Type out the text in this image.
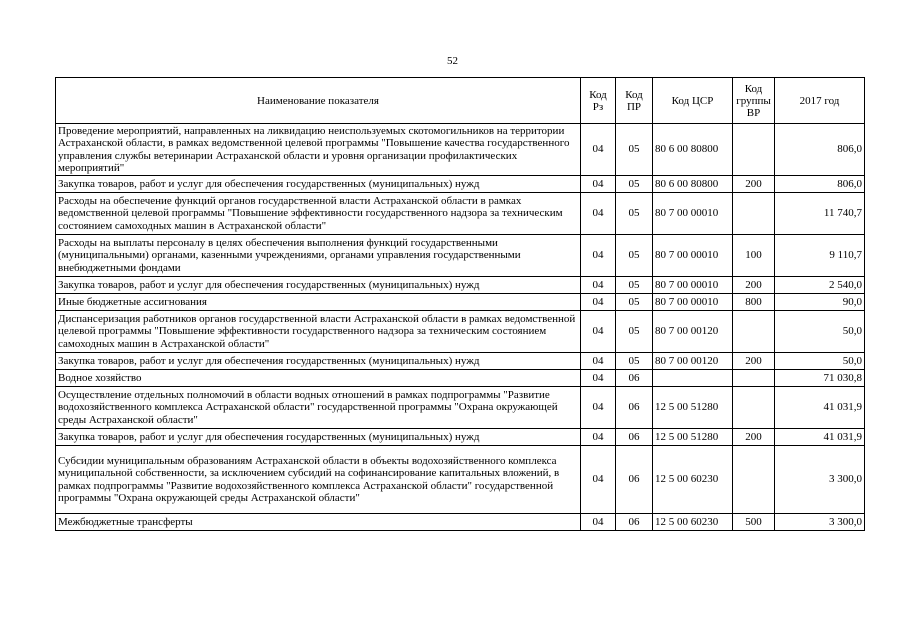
52
Наименование показателя	Код Рз	Код ПР	Код ЦСР	Код группы ВР	2017 год
Проведение мероприятий, направленных на ликвидацию неиспользуемых скотомогильников на территории Астраханской области, в рамках ведомственной целевой программы "Повышение качества государственного управления службы ветеринарии Астраханской области и уровня организации профилактических мероприятий"	04	05	80 6 00 80800		806,0
Закупка товаров, работ и услуг для обеспечения государственных (муниципальных) нужд	04	05	80 6 00 80800	200	806,0
Расходы на обеспечение функций органов государственной власти Астраханской области в рамках ведомственной целевой программы "Повышение эффективности государственного надзора за техническим состоянием самоходных машин в Астраханской области"	04	05	80 7 00 00010		11 740,7
Расходы на выплаты персоналу в целях обеспечения выполнения функций государственными (муниципальными) органами, казенными учреждениями, органами управления государственными внебюджетными фондами	04	05	80 7 00 00010	100	9 110,7
Закупка товаров, работ и услуг для обеспечения государственных (муниципальных) нужд	04	05	80 7 00 00010	200	2 540,0
Иные бюджетные ассигнования	04	05	80 7 00 00010	800	90,0
Диспансеризация работников органов государственной власти Астраханской области в рамках ведомственной целевой программы "Повышение эффективности государственного надзора за техническим состоянием самоходных машин в Астраханской области"	04	05	80 7 00 00120		50,0
Закупка товаров, работ и услуг для обеспечения государственных (муниципальных) нужд	04	05	80 7 00 00120	200	50,0
Водное хозяйство	04	06			71 030,8
Осуществление отдельных полномочий в области водных отношений в рамках подпрограммы "Развитие водохозяйственного комплекса Астраханской области" государственной программы "Охрана окружающей среды Астраханской области"	04	06	12 5 00 51280		41 031,9
Закупка товаров, работ и услуг для обеспечения государственных (муниципальных) нужд	04	06	12 5 00 51280	200	41 031,9
Субсидии муниципальным образованиям Астраханской области в объекты водохозяйственного комплекса муниципальной собственности, за исключением субсидий на софинансирование капитальных вложений, в рамках подпрограммы "Развитие водохозяйственного комплекса Астраханской области" государственной программы "Охрана окружающей среды Астраханской области"	04	06	12 5 00 60230		3 300,0
Межбюджетные трансферты	04	06	12 5 00 60230	500	3 300,0
